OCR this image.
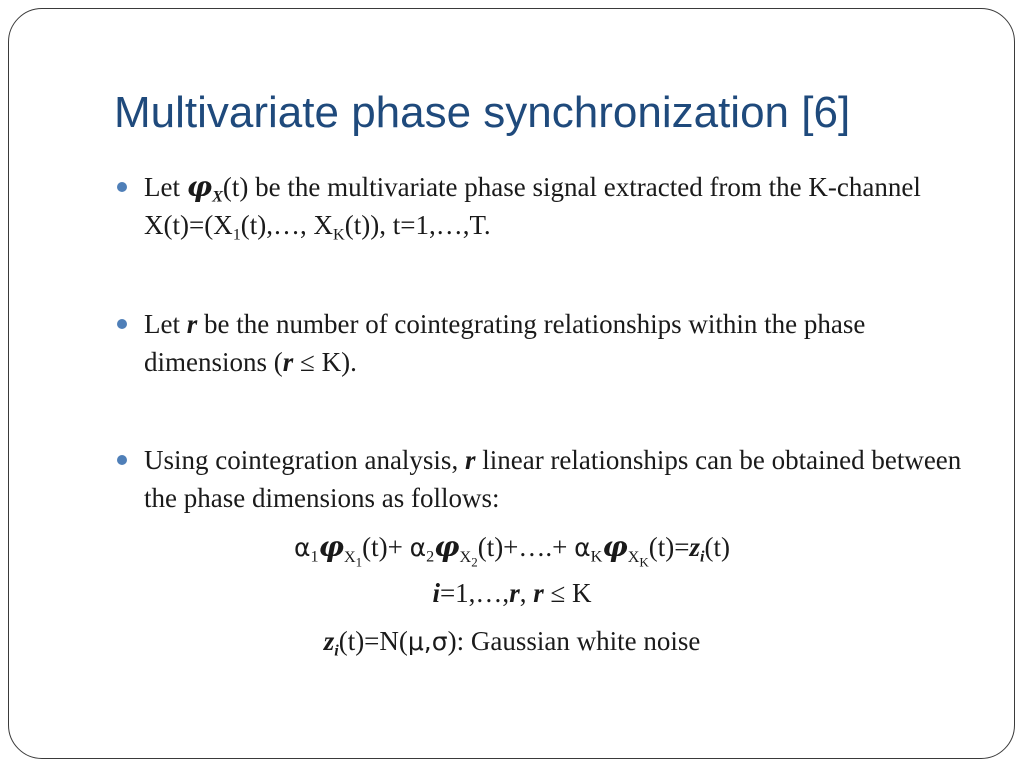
Multivariate phase synchronization [6]
Let $\varphi_X(t)$ be the multivariate phase signal extracted from the K-channel $X(t)=(X_1(t),\dots$, $X_K(t)$), t=1,…,T.
Let r be the number of cointegrating relationships within the phase dimensions (r ≤ K).
Using cointegration analysis, r linear relationships can be obtained between the phase dimensions as follows:
$\alpha_1\varphi_{X_1}(t)+$ $\alpha_2\varphi_{X_2}(t)+\dots.+ \alpha_K\varphi_{X_K}(t)=z_i(t)$
i=1,…,r, r ≤ K
$z_i(t)=N(\mu,\sigma)$: Gaussian white noise
